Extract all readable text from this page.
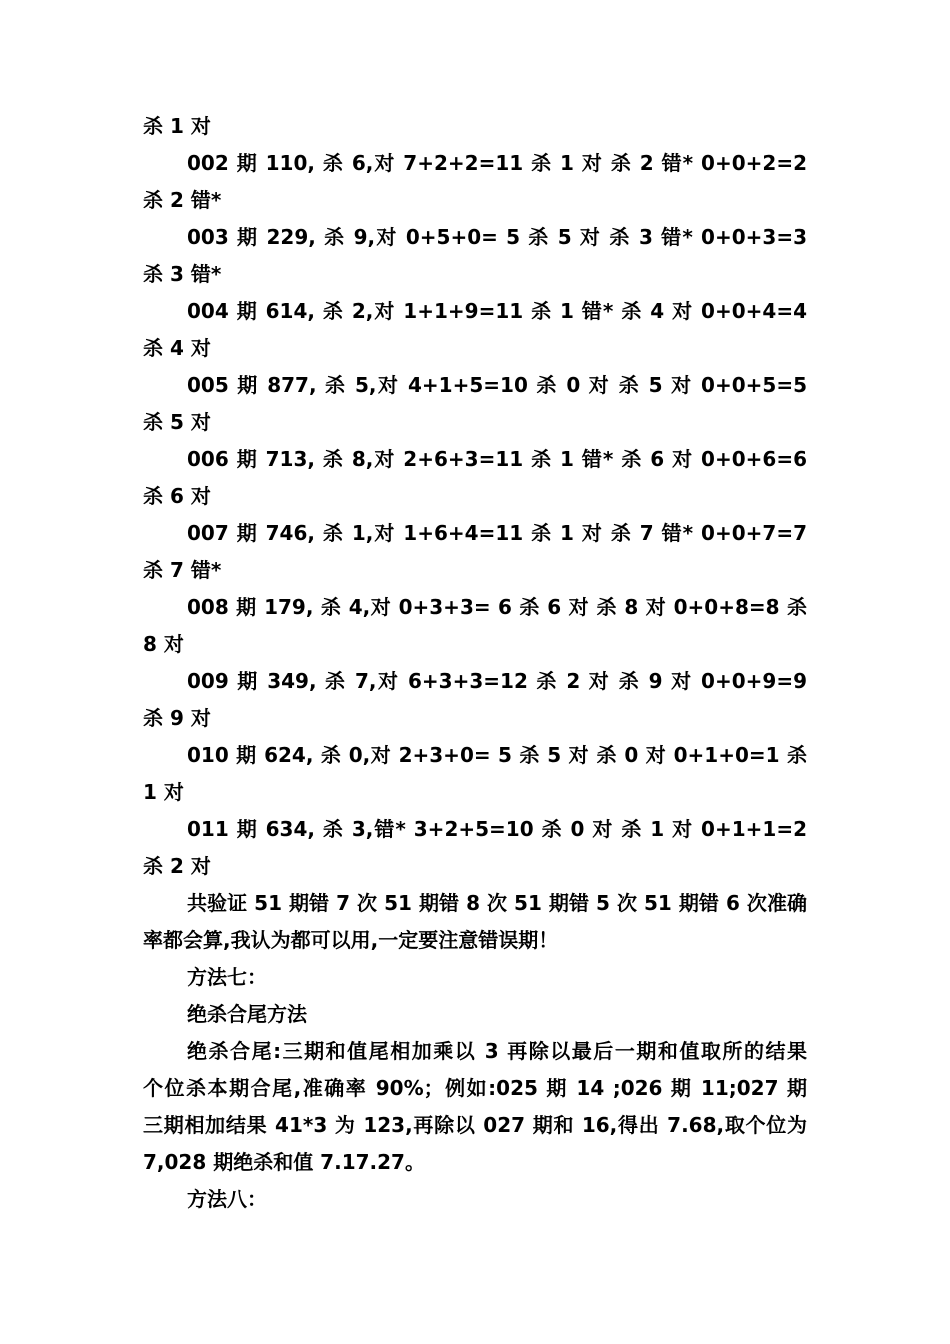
杀 1 对
002 期 110, 杀 6,对 7+2+2=11 杀 1 对 杀 2 错* 0+0+2=2
杀 2 错*
003 期 229, 杀 9,对 0+5+0= 5 杀 5 对 杀 3 错* 0+0+3=3
杀 3 错*
004 期 614, 杀 2,对 1+1+9=11 杀 1 错* 杀 4 对 0+0+4=4
杀 4 对
005 期 877, 杀 5,对 4+1+5=10 杀 0 对 杀 5 对 0+0+5=5
杀 5 对
006 期 713, 杀 8,对 2+6+3=11 杀 1 错* 杀 6 对 0+0+6=6
杀 6 对
007 期 746, 杀 1,对 1+6+4=11 杀 1 对 杀 7 错* 0+0+7=7
杀 7 错*
008 期 179, 杀 4,对 0+3+3= 6 杀 6 对 杀 8 对 0+0+8=8 杀
8 对
009 期 349, 杀 7,对 6+3+3=12 杀 2 对 杀 9 对 0+0+9=9
杀 9 对
010 期 624, 杀 0,对 2+3+0= 5 杀 5 对 杀 0 对 0+1+0=1 杀
1 对
011 期 634, 杀 3,错* 3+2+5=10 杀 0 对 杀 1 对 0+1+1=2
杀 2 对
共验证 51 期错 7 次 51 期错 8 次 51 期错 5 次 51 期错 6 次准确
率都会算,我认为都可以用,一定要注意错误期！
方法七：
绝杀合尾方法
绝杀合尾:三期和值尾相加乘以 3 再除以最后一期和值取所的结果
个位杀本期合尾,准确率 90%；例如:025 期 14 ;026 期 11;027 期
三期相加结果 41*3 为 123,再除以 027 期和 16,得出 7.68,取个位为
7,028 期绝杀和值 7.17.27。
方法八：
